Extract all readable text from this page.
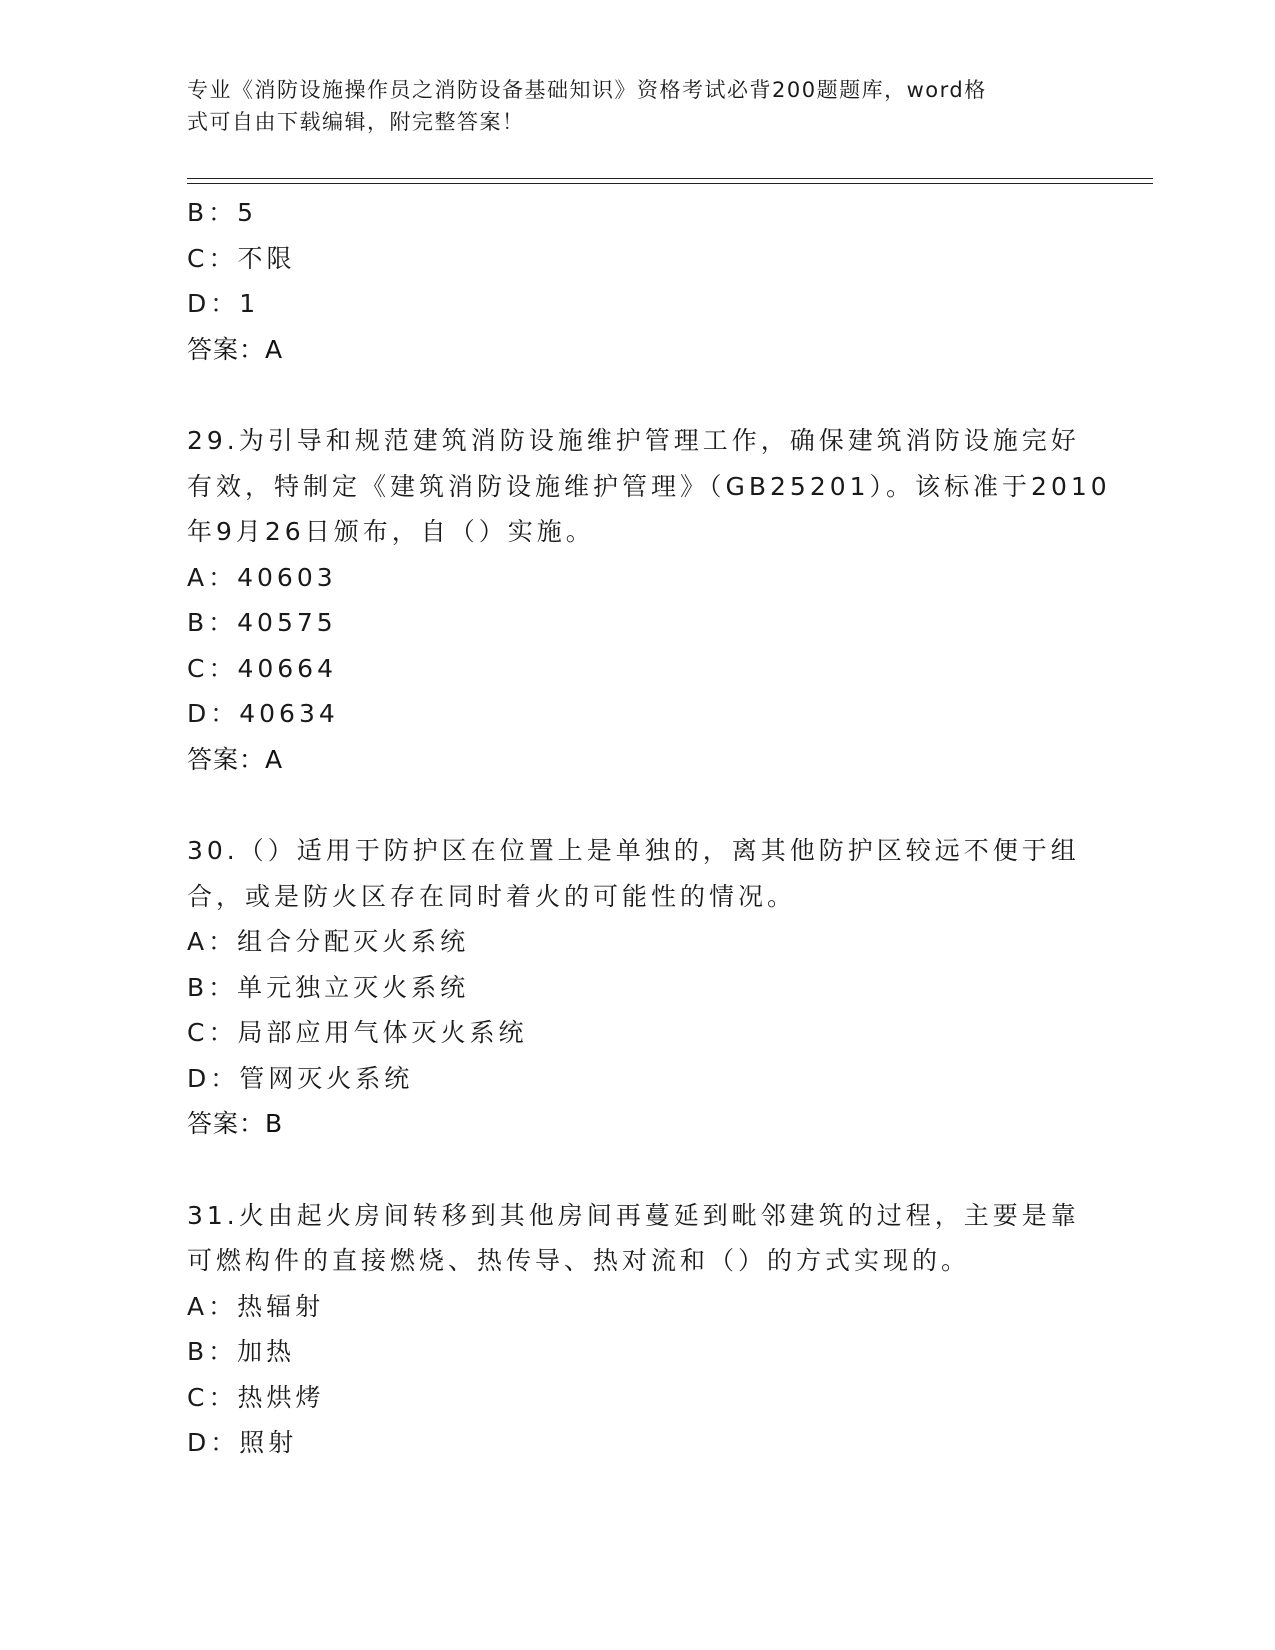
专业《消防设施操作员之消防设备基础知识》资格考试必背200题题库，word格
式可自由下载编辑，附完整答案！
B：5
C：不限
D：1
答案：A
29.为引导和规范建筑消防设施维护管理工作，确保建筑消防设施完好
有效，特制定《建筑消防设施维护管理》（GB25201）。该标准于2010
年9月26日颁布，自（）实施。
A：40603
B：40575
C：40664
D：40634
答案：A
30.（）适用于防护区在位置上是单独的，离其他防护区较远不便于组
合，或是防火区存在同时着火的可能性的情况。
A：组合分配灭火系统
B：单元独立灭火系统
C：局部应用气体灭火系统
D：管网灭火系统
答案：B
31.火由起火房间转移到其他房间再蔓延到毗邻建筑的过程，主要是靠
可燃构件的直接燃烧、热传导、热对流和（）的方式实现的。
A：热辐射
B：加热
C：热烘烤
D：照射
